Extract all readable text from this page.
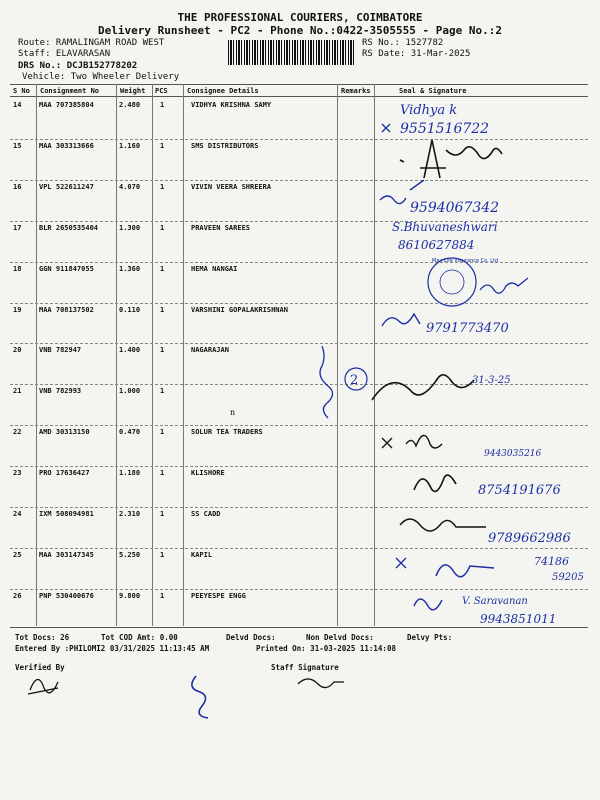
THE PROFESSIONAL COURIERS, COIMBATORE
Delivery Runsheet - PC2 - Phone No.:0422-3505555 - Page No.:2
Route: RAMALINGAM ROAD WEST
Staff: ELAVARASAN
DRS No.: DCJB152778202
Vehicle: Two Wheeler Delivery
RS No.: 1527782
RS Date: 31-Mar-2025
S No Consignment No	Weight PCS	Consignee Details	Remarks	Seal & Signature
14	MAA 707385804	2.480	1	VIDHYA KRISHNA SAMY
15	MAA 303313666	1.160	1	SMS DISTRIBUTORS
16	VPL 522611247	4.070	1	VIVIN VEERA SHREERA
17	BLR 2650535404	1.300	1	PRAVEEN SAREES
18	GGN 911847055	1.360	1	HEMA NANGAI
19	MAA 708137502	0.110	1	VARSHINI GOPALAKRISHNAN
20	VNB 782947	1.400	1	NAGARAJAN
21	VNB 782993	1.000	1
22	AMD 30313150	0.470	1	SOLUR TEA TRADERS
23	PRO 17636427	1.180	1	KLISHORE
24	IXM 508094981	2.310	1	SS CADD
25	MAA 303147345	5.250	1	KAPIL
26	PNP 530400676	9.800	1	PEEYESPE ENGG
Tot Docs: 26	Tot COD Amt: 0.00	Delvd Docs:	Non Delvd Docs:	Delvy Pts:
Entered By :PHILOMI2 03/31/2025 11:13:45 AM	Printed On: 31-03-2025 11:14:08
Verified By	Staff Signature
Vidhya k
9551516722
9594067342
S.Bhuvaneshwari
8610627884
Max Life Insurance Co. Ltd
9791773470
2	31-3-25
9443035216
8754191676
9789662986
74186
59205
V. Saravanan
9943851011
n
